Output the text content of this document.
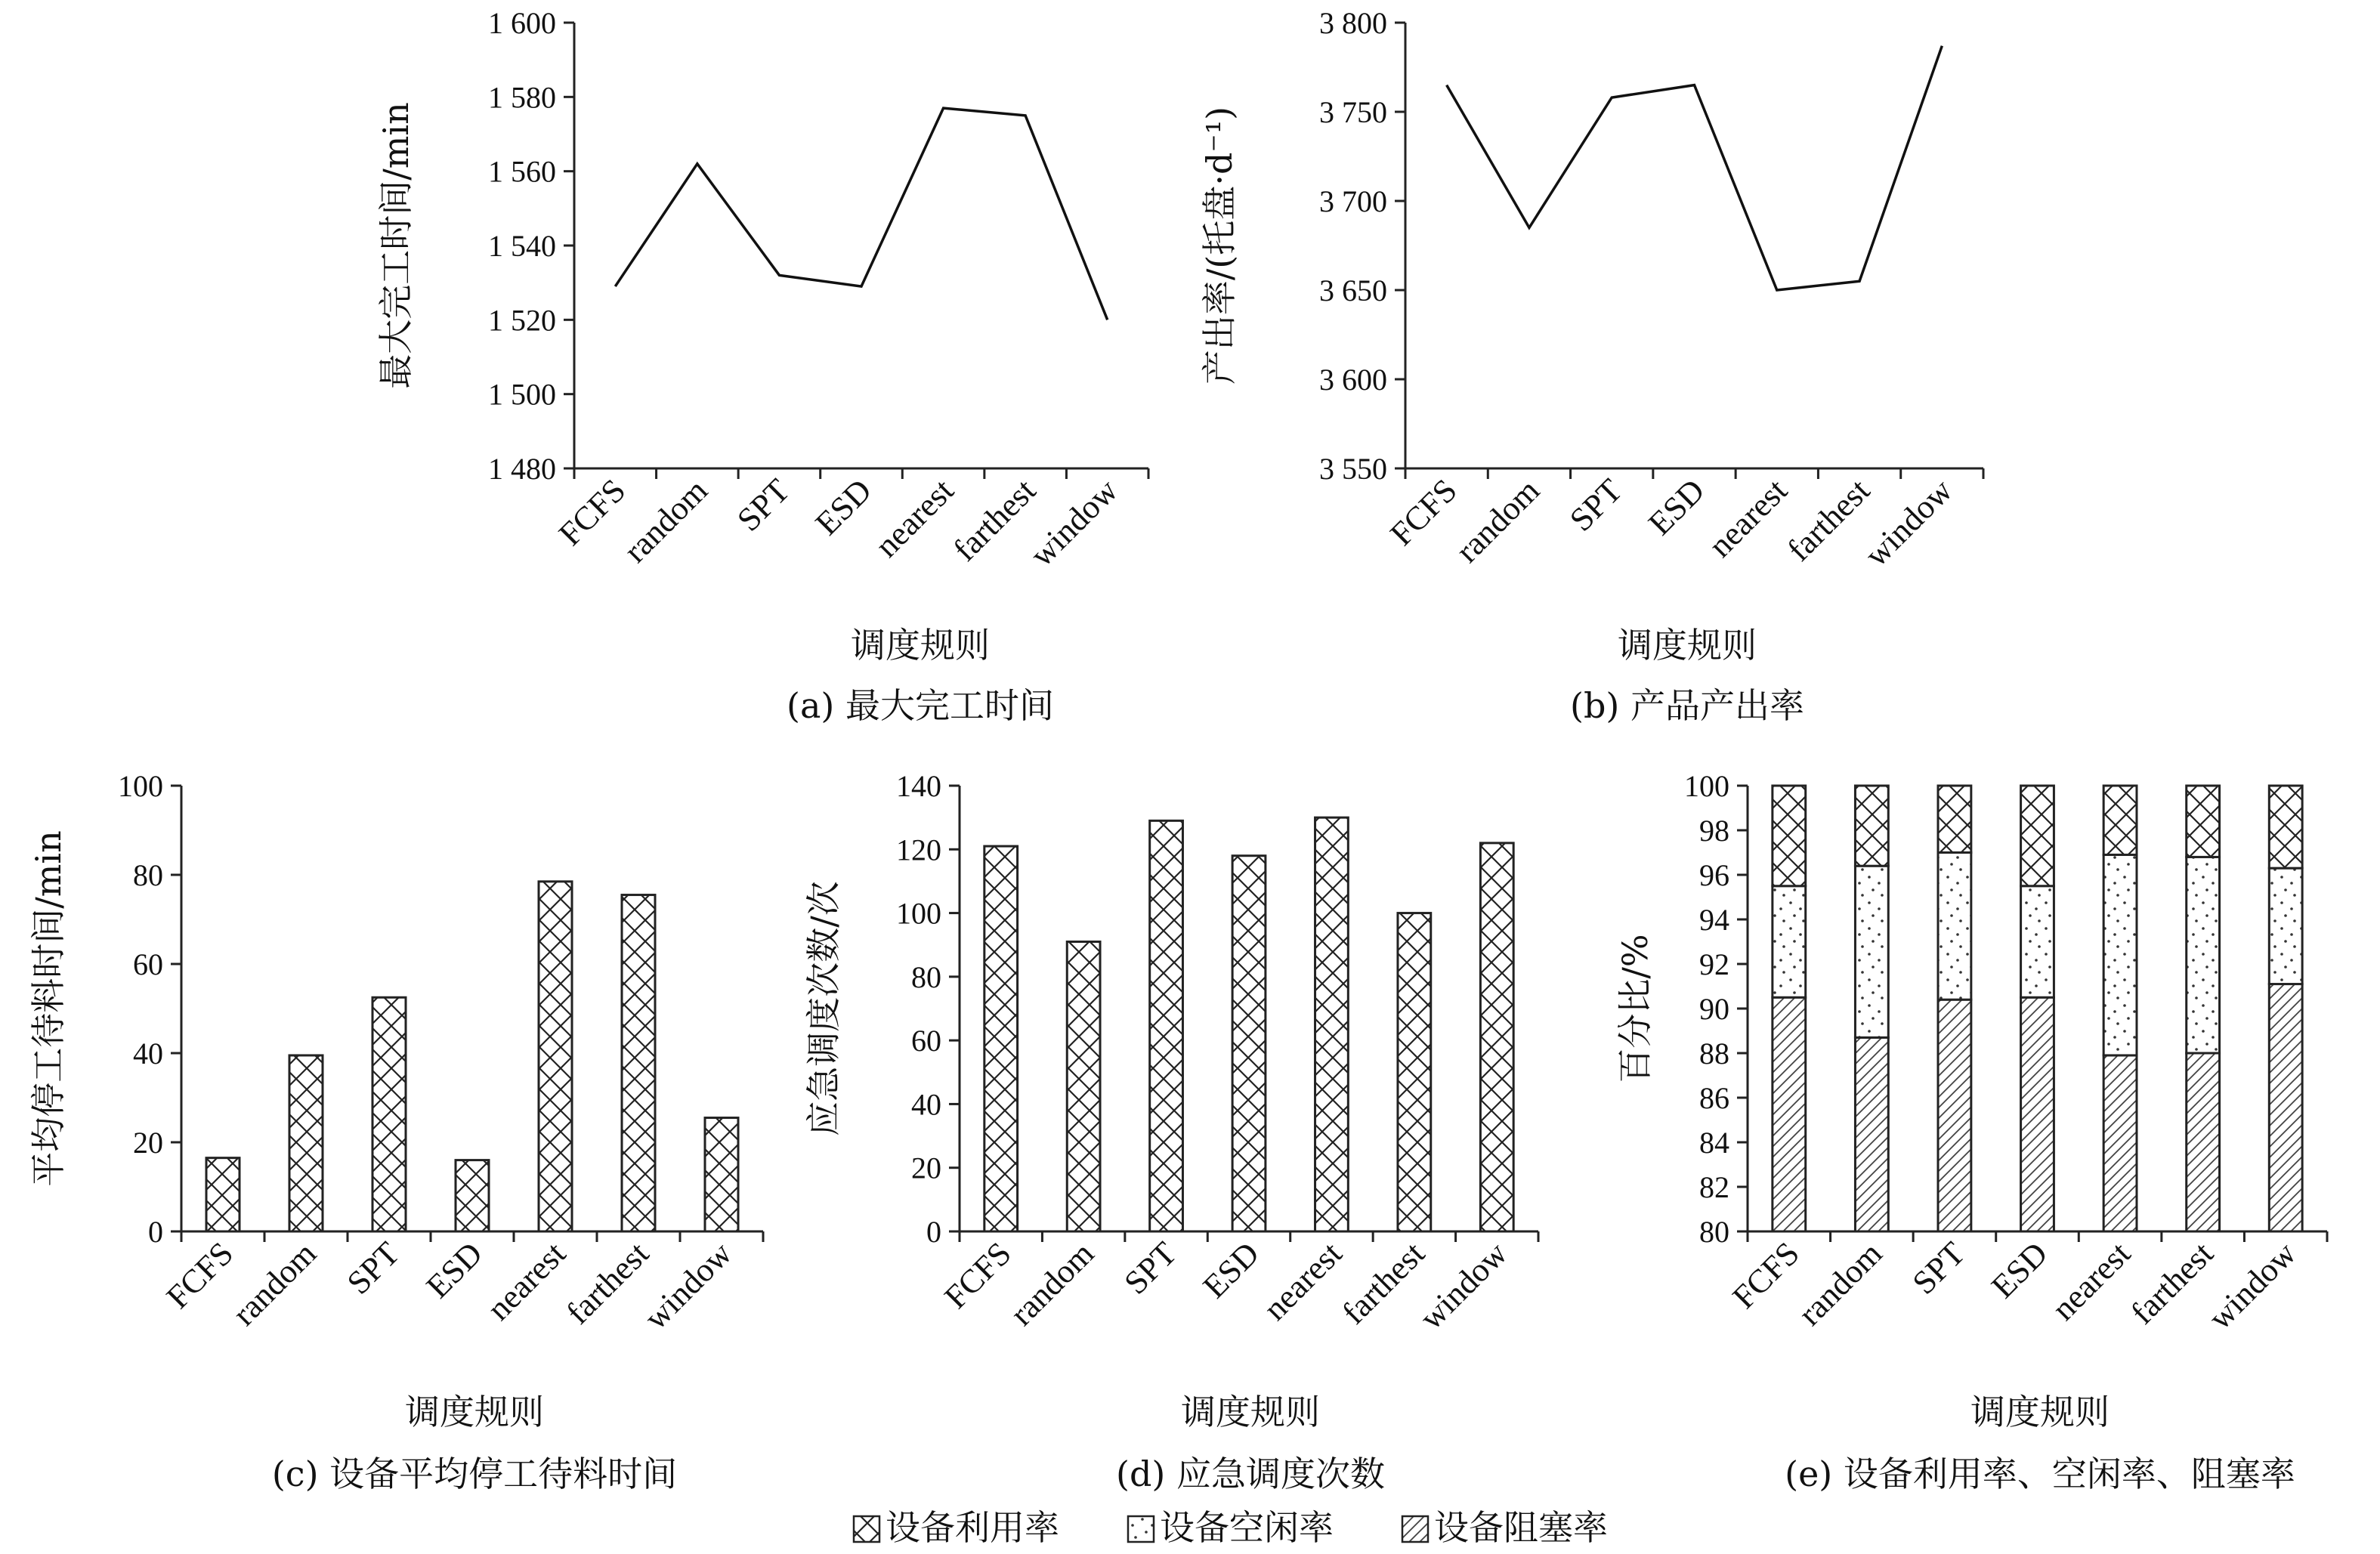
1 480
1 500
1 520
1 540
1 560
1 580
1 600
FCFS
random SPT ESD
nearest
farthest
window
最大完工时间/min
调度规则
(a) 最大完工时间
3 550
3 600
3 650
3 700
3 750
3 800
FCFS
random SPT ESD
nearest
farthest
window
产出率/(托盘·d⁻¹)
调度规则
(b) 产品产出率
0
20
40
60
80
100
FCFS
random SPT ESD
nearest
farthest
window
平均停工待料时间/min
调度规则
(c) 设备平均停工待料时间
0
20
40
60
80
100
120
140
FCFS
random SPT ESD
nearest
farthest
window
应急调度次数/次
调度规则
(d) 应急调度次数
80
82
84
86
88
90
92
94
96
98
100
FCFS
random SPT ESD
nearest
farthest
window
百分比/%
调度规则
(e) 设备利用率、空闲率、阻塞率
设备利用率	设备空闲率	设备阻塞率
